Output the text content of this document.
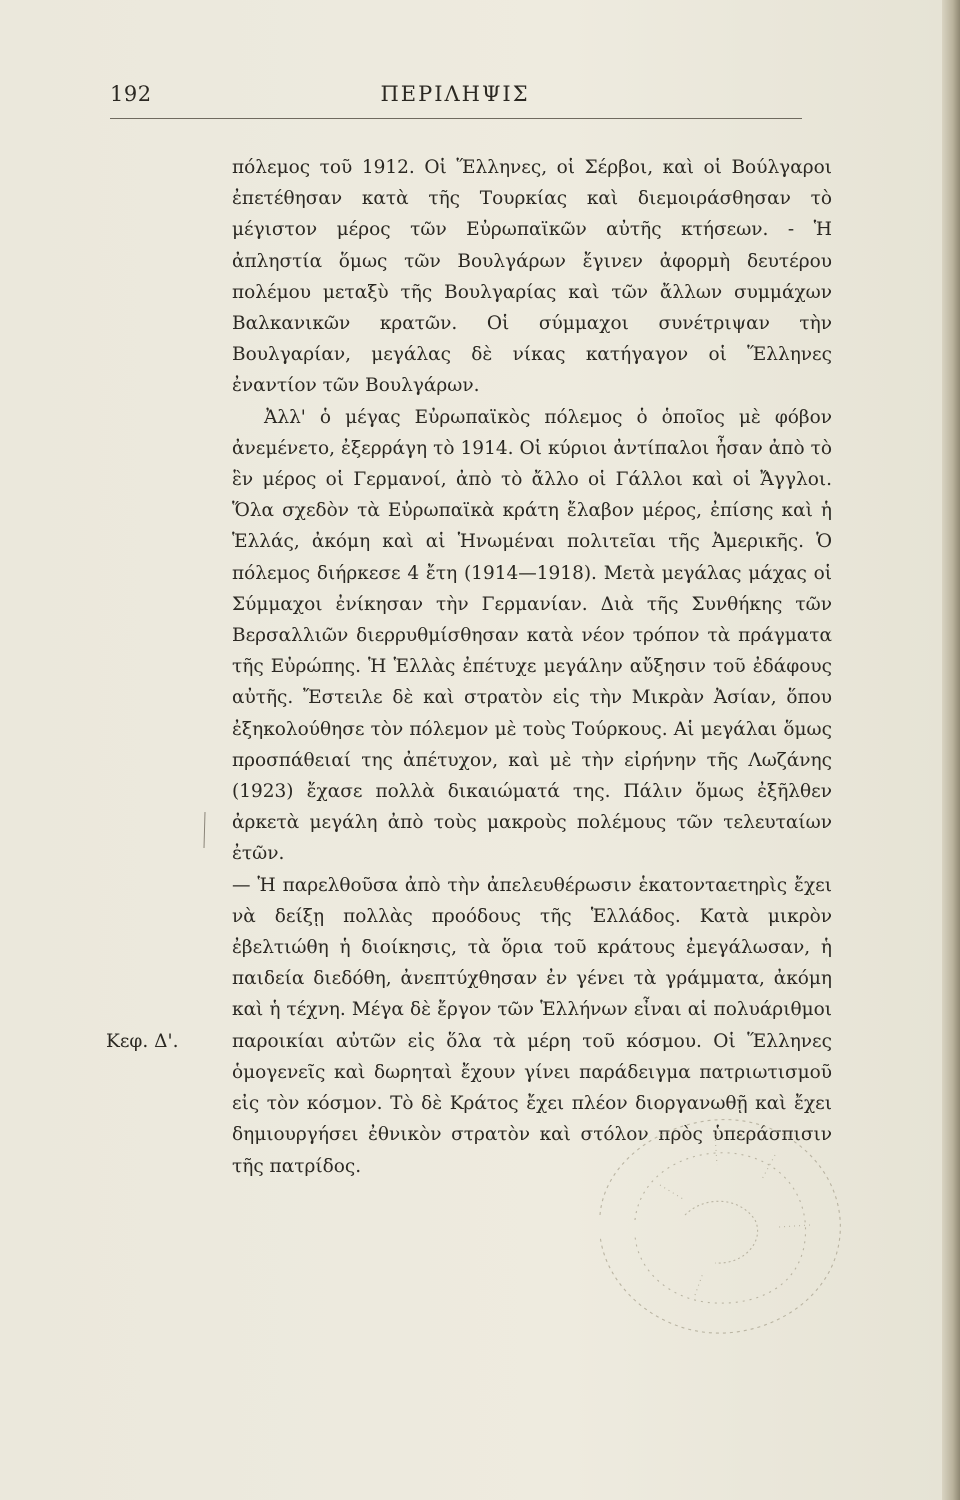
192	ΠΕΡΙΛΗΨΙΣ

πόλεμος τοῦ 1912. Οἱ Ἕλληνες, οἱ Σέρβοι, καὶ οἱ Βούλγαροι ἐπετέθησαν κατὰ τῆς Τουρκίας καὶ διεμοιράσθησαν τὸ μέγιστον μέρος τῶν Εὐρωπαϊκῶν αὐτῆς κτήσεων. - Ἡ ἀπληστία ὅμως τῶν Βουλγάρων ἔγινεν ἀφορμὴ δευτέρου πολέμου μεταξὺ τῆς Βουλγαρίας καὶ τῶν ἄλλων συμμάχων Βαλκανικῶν κρατῶν. Οἱ σύμμαχοι συνέτριψαν τὴν Βουλγαρίαν, μεγάλας δὲ νίκας κατήγαγον οἱ Ἕλληνες ἐναντίον τῶν Βουλγάρων.

Ἀλλ' ὁ μέγας Εὐρωπαϊκὸς πόλεμος ὁ ὁποῖος μὲ φόβον ἀνεμένετο, ἐξερράγη τὸ 1914. Οἱ κύριοι ἀντίπαλοι ἦσαν ἀπὸ τὸ ἓν μέρος οἱ Γερμανοί, ἀπὸ τὸ ἄλλο οἱ Γάλλοι καὶ οἱ Ἄγγλοι. Ὅλα σχεδὸν τὰ Εὐρωπαϊκὰ κράτη ἔλαβον μέρος, ἐπίσης καὶ ἡ Ἑλλάς, ἀκόμη καὶ αἱ Ἡνωμέναι πολιτεῖαι τῆς Ἀμερικῆς. Ὁ πόλεμος διήρκεσε 4 ἔτη (1914—1918). Μετὰ μεγάλας μάχας οἱ Σύμμαχοι ἐνίκησαν τὴν Γερμανίαν. Διὰ τῆς Συνθήκης τῶν Βερσαλλιῶν διερρυθμίσθησαν κατὰ νέον τρόπον τὰ πράγματα τῆς Εὐρώπης. Ἡ Ἑλλὰς ἐπέτυχε μεγάλην αὔξησιν τοῦ ἐδάφους αὐτῆς. Ἔστειλε δὲ καὶ στρατὸν εἰς τὴν Μικρὰν Ἀσίαν, ὅπου ἐξηκολούθησε τὸν πόλεμον μὲ τοὺς Τούρκους. Αἱ μεγάλαι ὅμως προσπάθειαί της ἀπέτυχον, καὶ μὲ τὴν εἰρήνην τῆς Λωζάνης (1923) ἔχασε πολλὰ δικαιώματά της. Πάλιν ὅμως ἐξῆλθεν ἀρκετὰ μεγάλη ἀπὸ τοὺς μακροὺς πολέμους τῶν τελευταίων ἐτῶν.

— Ἡ παρελθοῦσα ἀπὸ τὴν ἀπελευθέρωσιν ἑκατονταετηρὶς ἔχει νὰ δείξῃ πολλὰς προόδους τῆς Ἑλλάδος. Κατὰ μικρὸν ἐβελτιώθη ἡ διοίκησις, τὰ ὅρια τοῦ κράτους ἐμεγάλωσαν, ἡ παιδεία διεδόθη, ἀνεπτύχθησαν ἐν γένει τὰ γράμματα, ἀκόμη καὶ ἡ τέχνη. Μέγα δὲ ἔργον τῶν Ἑλλήνων εἶναι αἱ πολυάριθμοι παροικίαι αὐτῶν εἰς ὅλα τὰ μέρη τοῦ κόσμου. Οἱ Ἕλληνες ὁμογενεῖς καὶ δωρηταὶ ἔχουν γίνει παράδειγμα πατριωτισμοῦ εἰς τὸν κόσμον. Τὸ δὲ Κράτος ἔχει πλέον διοργανωθῇ καὶ ἔχει δημιουργήσει ἐθνικὸν στρατὸν καὶ στόλον πρὸς ὑπεράσπισιν τῆς πατρίδος.

Κεφ. Δ'.
